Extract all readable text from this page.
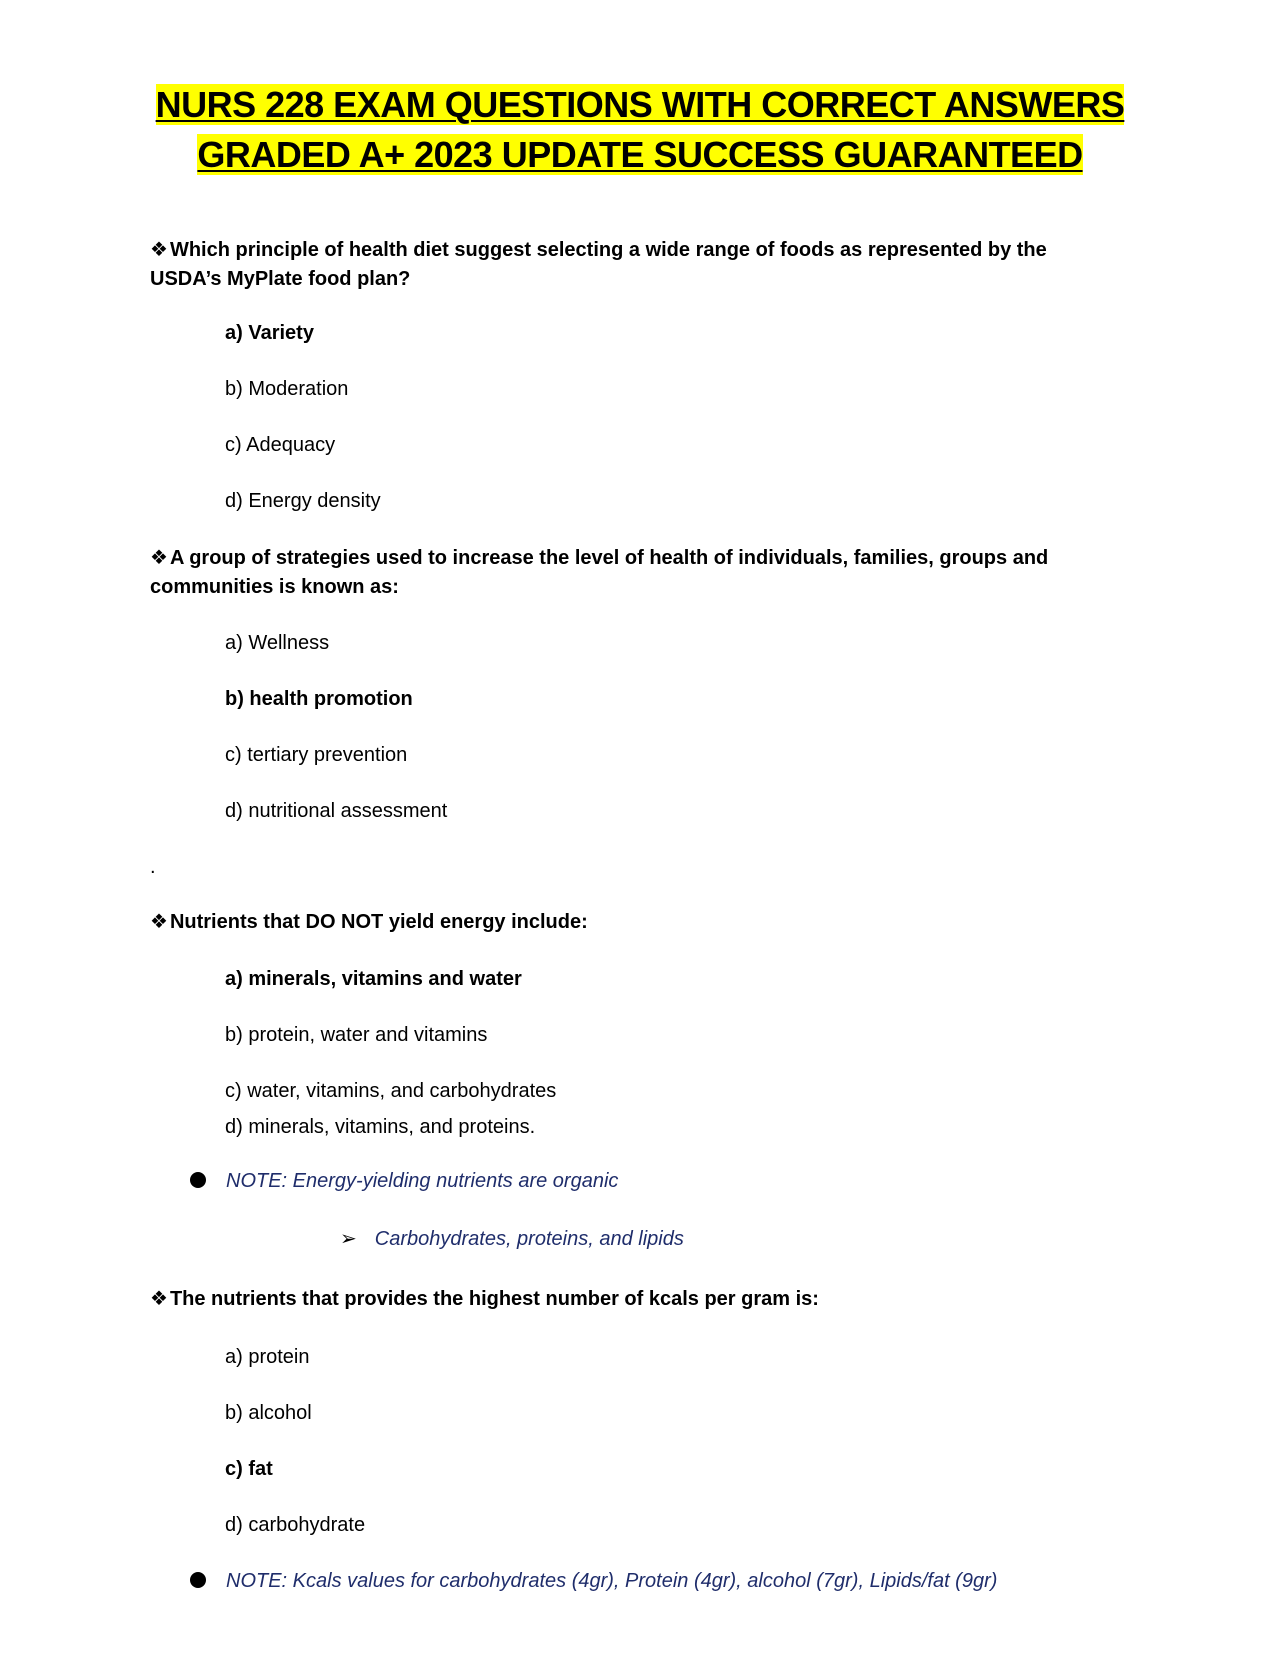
NURS 228 EXAM QUESTIONS WITH CORRECT ANSWERS
GRADED A+ 2023 UPDATE SUCCESS GUARANTEED
❖ Which principle of health diet suggest selecting a wide range of foods as represented by the USDA’s MyPlate food plan?
a) Variety
b) Moderation
c) Adequacy
d) Energy density
❖ A group of strategies used to increase the level of health of individuals, families, groups and communities is known as:
a) Wellness
b) health promotion
c) tertiary prevention
d) nutritional assessment
.
❖ Nutrients that DO NOT yield energy include:
a) minerals, vitamins and water
b) protein, water and vitamins
c) water, vitamins, and carbohydrates
d) minerals, vitamins, and proteins.
NOTE: Energy-yielding nutrients are organic
➢ Carbohydrates, proteins, and lipids
❖ The nutrients that provides the highest number of kcals per gram is:
a) protein
b) alcohol
c) fat
d) carbohydrate
NOTE: Kcals values for carbohydrates (4gr), Protein (4gr), alcohol (7gr), Lipids/fat (9gr)
